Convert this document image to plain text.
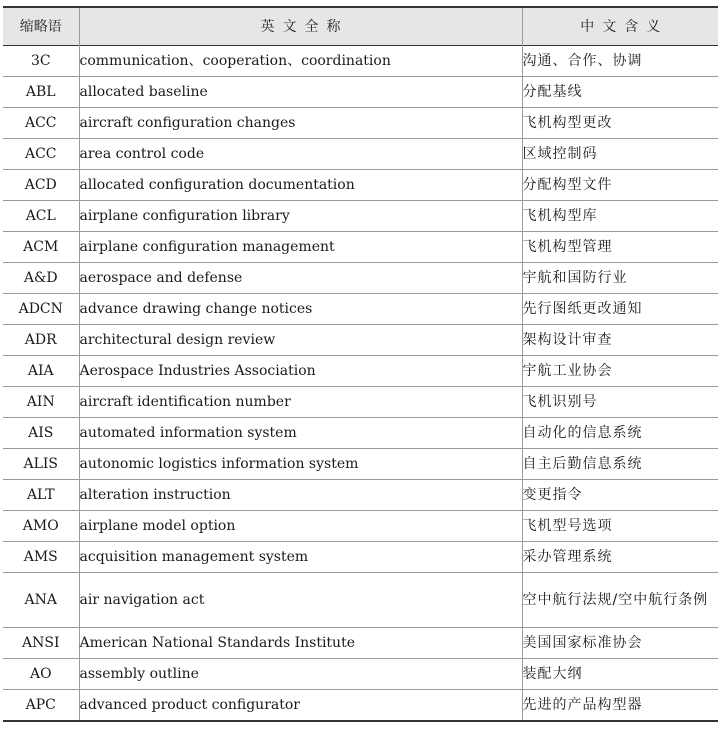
缩略语	英文全称	中文含义
3C	communication、cooperation、coordination	沟通、合作、协调
ABL	allocated baseline	分配基线
ACC	aircraft configuration changes	飞机构型更改
ACC	area control code	区域控制码
ACD	allocated configuration documentation	分配构型文件
ACL	airplane configuration library	飞机构型库
ACM	airplane configuration management	飞机构型管理
A&D	aerospace and defense	宇航和国防行业
ADCN	advance drawing change notices	先行图纸更改通知
ADR	architectural design review	架构设计审查
AIA	Aerospace Industries Association	宇航工业协会
AIN	aircraft identification number	飞机识别号
AIS	automated information system	自动化的信息系统
ALIS	autonomic logistics information system	自主后勤信息系统
ALT	alteration instruction	变更指令
AMO	airplane model option	飞机型号选项
AMS	acquisition management system	采办管理系统
ANA	air navigation act	空中航行法规/空中航行条例
ANSI	American National Standards Institute	美国国家标准协会
AO	assembly outline	装配大纲
APC	advanced product configurator	先进的产品构型器
